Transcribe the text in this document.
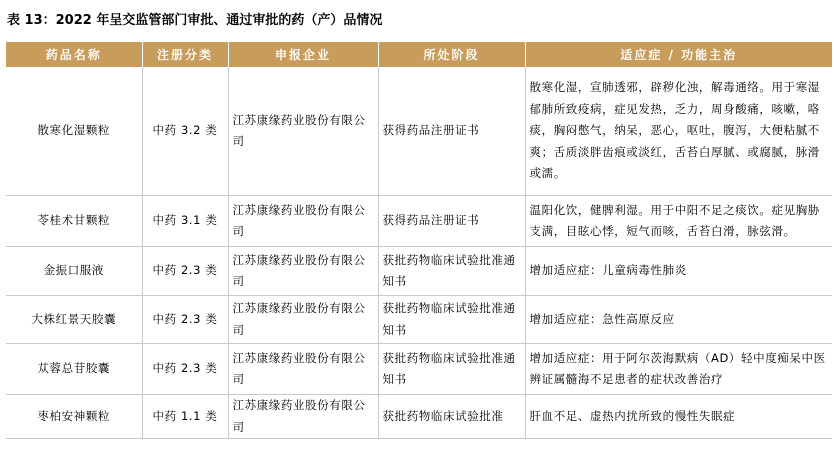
表 13：2022 年呈交监管部门审批、通过审批的药（产）品情况
药品名称	注册分类	申报企业	所处阶段	适应症 / 功能主治
散寒化湿颗粒	中药 3.2 类	江苏康缘药业股份有限公司	获得药品注册证书	散寒化湿，宣肺透邪，辟秽化浊，解毒通络。用于寒湿郁肺所致疫病，症见发热，乏力，周身酸痛，咳嗽，咯痰，胸闷憋气，纳呆，恶心，呕吐，腹泻，大便粘腻不爽；舌质淡胖齿痕或淡红，舌苔白厚腻、或腐腻，脉滑或濡。
苓桂术甘颗粒	中药 3.1 类	江苏康缘药业股份有限公司	获得药品注册证书	温阳化饮，健脾利湿。用于中阳不足之痰饮。症见胸胁支满，目眩心悸，短气而咳，舌苔白滑，脉弦滑。
金振口服液	中药 2.3 类	江苏康缘药业股份有限公司	获批药物临床试验批准通知书	增加适应症：儿童病毒性肺炎
大株红景天胶囊	中药 2.3 类	江苏康缘药业股份有限公司	获批药物临床试验批准通知书	增加适应症：急性高原反应
苁蓉总苷胶囊	中药 2.3 类	江苏康缘药业股份有限公司	获批药物临床试验批准通知书	增加适应症：用于阿尔茨海默病（AD）轻中度痴呆中医辨证属髓海不足患者的症状改善治疗
枣柏安神颗粒	中药 1.1 类	江苏康缘药业股份有限公司	获批药物临床试验批准	肝血不足、虚热内扰所致的慢性失眠症
